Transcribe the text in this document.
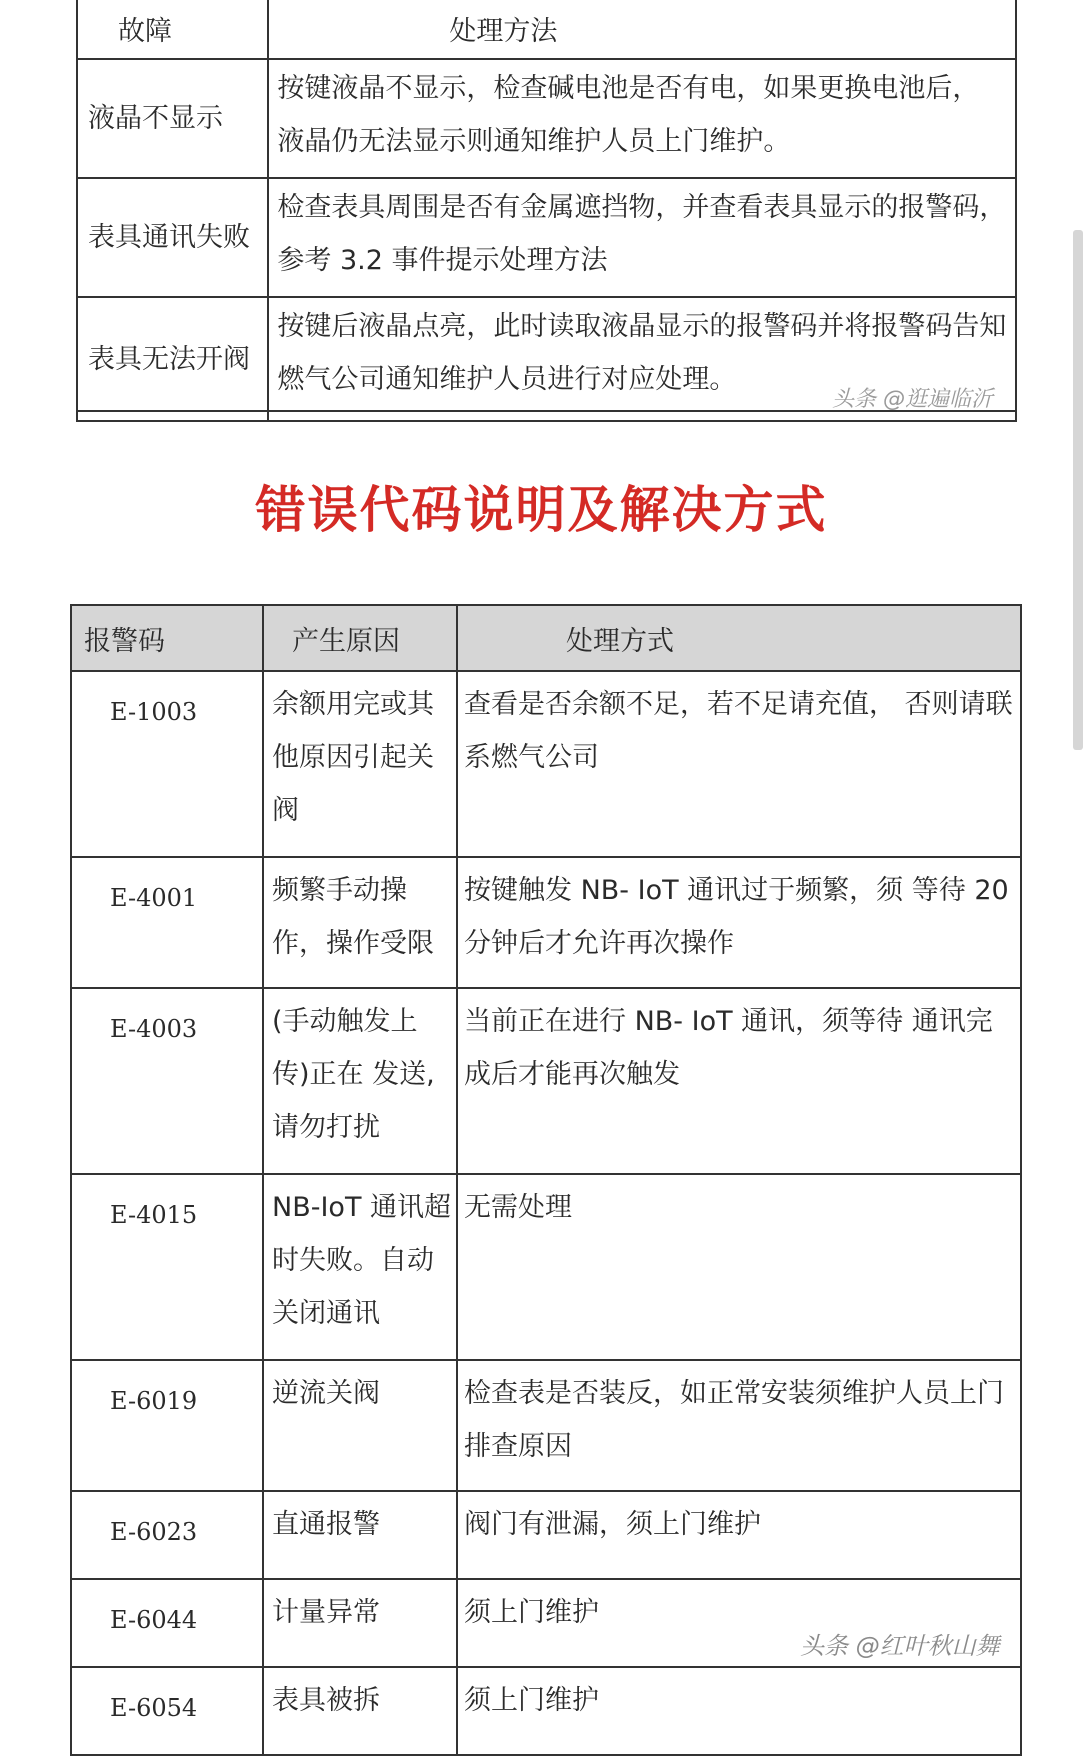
故障	处理方法
液晶不显示	按键液晶不显示，检查碱电池是否有电，如果更换电池后， 液晶仍无法显示则通知维护人员上门维护。
表具通讯失败	检查表具周围是否有金属遮挡物，并查看表具显示的报警码，参考 3.2 事件提示处理方法
表具无法开阀	按键后液晶点亮，此时读取液晶显示的报警码并将报警码告知燃气公司通知维护人员进行对应处理。
头条 @逛遍临沂
错误代码说明及解决方式
报警码	产生原因	处理方式
E-1003	余额用完或其他原因引起关阀	查看是否余额不足，若不足请充值， 否则请联系燃气公司
E-4001	频繁手动操作，操作受限	按键触发 NB- IoT 通讯过于频繁，须 等待 20 分钟后才允许再次操作
E-4003	(手动触发上传)正在 发送,请勿打扰	当前正在进行 NB- IoT 通讯，须等待 通讯完成后才能再次触发
E-4015	NB-IoT 通讯超时失败。自动关闭通讯	无需处理
E-6019	逆流关阀	检查表是否装反，如正常安装须维护人员上门排查原因
E-6023	直通报警	阀门有泄漏，须上门维护
E-6044	计量异常	须上门维护
E-6054	表具被拆	须上门维护
头条 @红叶秋山舞
